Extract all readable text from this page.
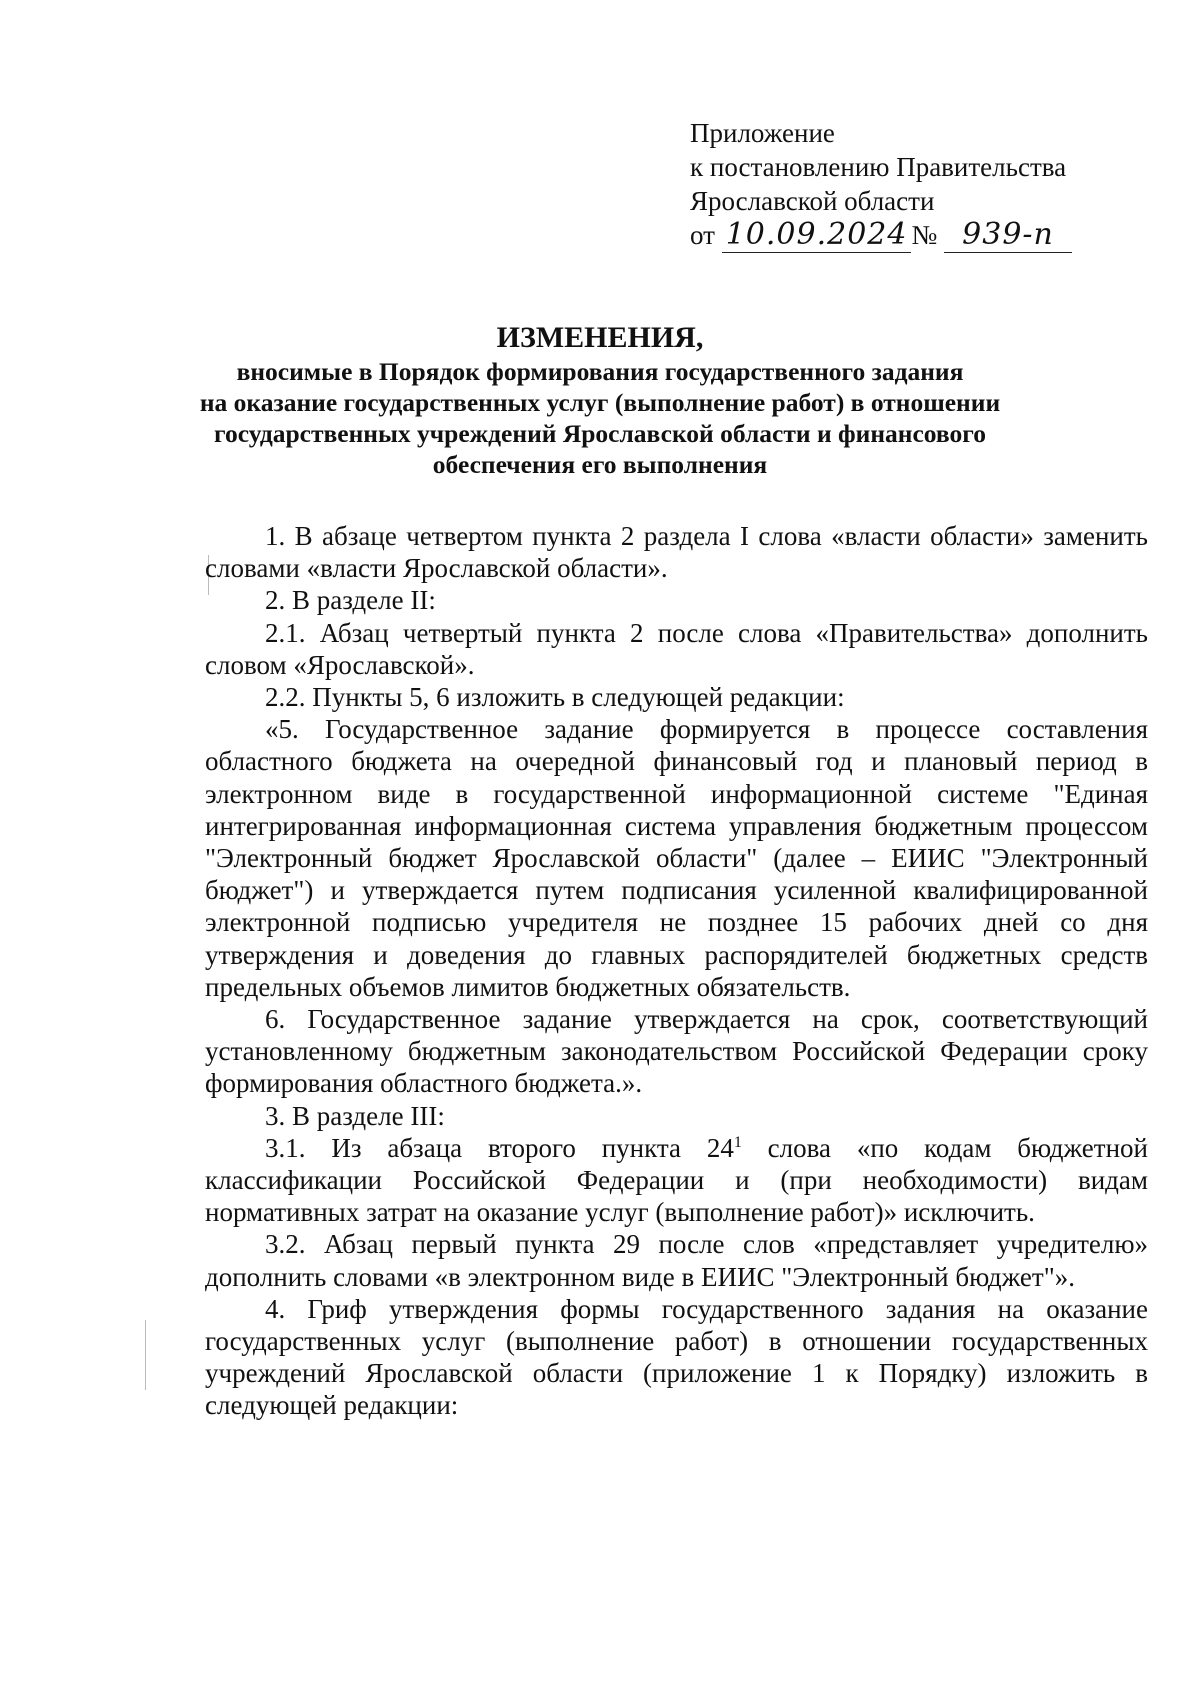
Приложение
к постановлению Правительства
Ярославской области
от 10.09.2024 № 939-п
ИЗМЕНЕНИЯ,
вносимые в Порядок формирования государственного задания
на оказание государственных услуг (выполнение работ) в отношении
государственных учреждений Ярославской области и финансового
обеспечения его выполнения

1. В абзаце четвертом пункта 2 раздела I слова «власти области» заменить словами «власти Ярославской области».

2. В разделе II:

2.1. Абзац четвертый пункта 2 после слова «Правительства» дополнить словом «Ярославской».

2.2. Пункты 5, 6 изложить в следующей редакции:

«5. Государственное задание формируется в процессе составления областного бюджета на очередной финансовый год и плановый период в электронном виде в государственной информационной системе "Единая интегрированная информационная система управления бюджетным процессом "Электронный бюджет Ярославской области" (далее – ЕИИС "Электронный бюджет") и утверждается путем подписания усиленной квалифицированной электронной подписью учредителя не позднее 15 рабочих дней со дня утверждения и доведения до главных распорядителей бюджетных средств предельных объемов лимитов бюджетных обязательств.

6. Государственное задание утверждается на срок, соответствующий установленному бюджетным законодательством Российской Федерации сроку формирования областного бюджета.».

3. В разделе III:

3.1. Из абзаца второго пункта $24^1$ слова «по кодам бюджетной классификации Российской Федерации и (при необходимости) видам нормативных затрат на оказание услуг (выполнение работ)» исключить.

3.2. Абзац первый пункта 29 после слов «представляет учредителю» дополнить словами «в электронном виде в ЕИИС "Электронный бюджет"».

4. Гриф утверждения формы государственного задания на оказание государственных услуг (выполнение работ) в отношении государственных учреждений Ярославской области (приложение 1 к Порядку) изложить в следующей редакции:
